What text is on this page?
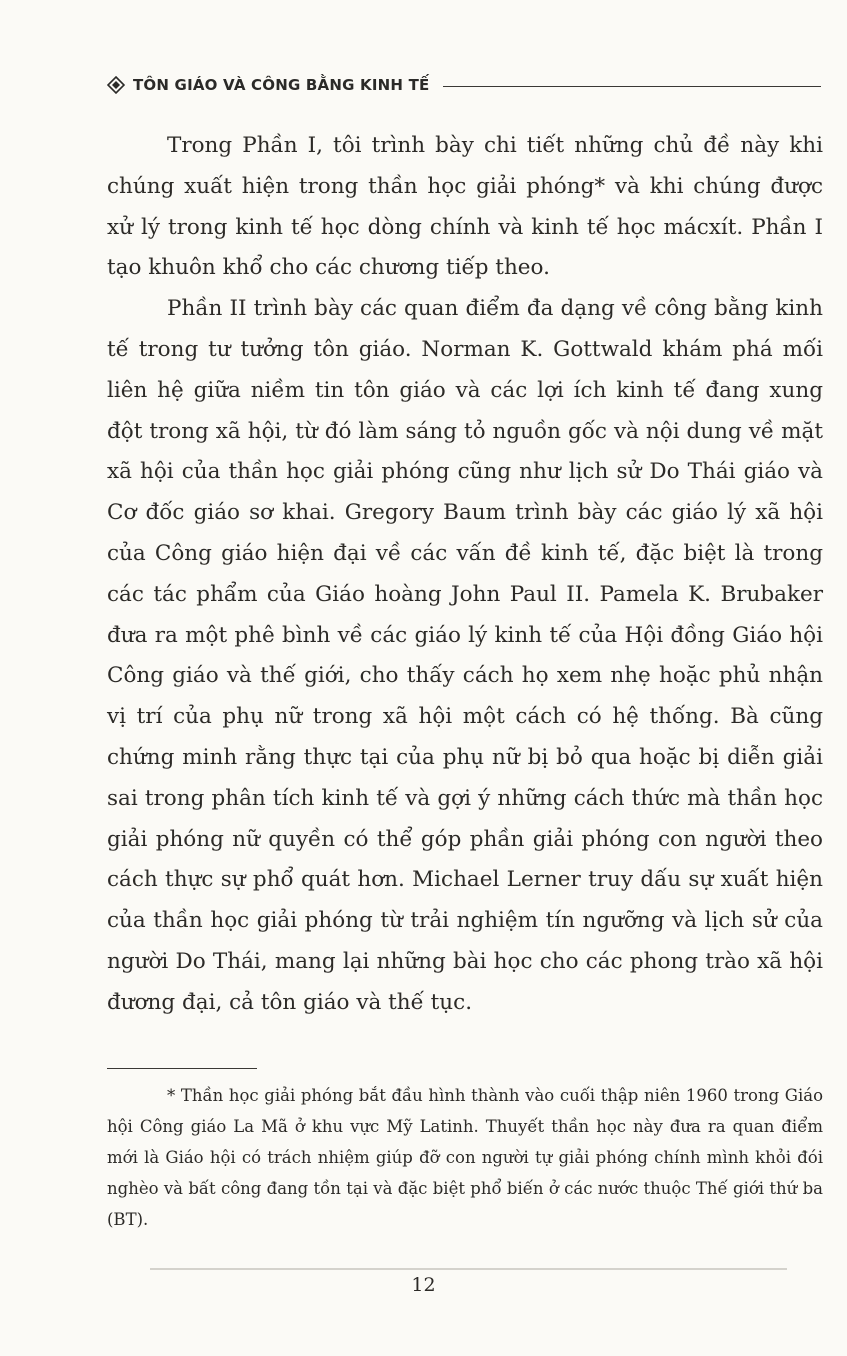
TÔN GIÁO VÀ CÔNG BẰNG KINH TẾ

Trong Phần I, tôi trình bày chi tiết những chủ đề này khi chúng xuất hiện trong thần học giải phóng* và khi chúng được xử lý trong kinh tế học dòng chính và kinh tế học mácxít. Phần I tạo khuôn khổ cho các chương tiếp theo.

Phần II trình bày các quan điểm đa dạng về công bằng kinh tế trong tư tưởng tôn giáo. Norman K. Gottwald khám phá mối liên hệ giữa niềm tin tôn giáo và các lợi ích kinh tế đang xung đột trong xã hội, từ đó làm sáng tỏ nguồn gốc và nội dung về mặt xã hội của thần học giải phóng cũng như lịch sử Do Thái giáo và Cơ đốc giáo sơ khai. Gregory Baum trình bày các giáo lý xã hội của Công giáo hiện đại về các vấn đề kinh tế, đặc biệt là trong các tác phẩm của Giáo hoàng John Paul II. Pamela K. Brubaker đưa ra một phê bình về các giáo lý kinh tế của Hội đồng Giáo hội Công giáo và thế giới, cho thấy cách họ xem nhẹ hoặc phủ nhận vị trí của phụ nữ trong xã hội một cách có hệ thống. Bà cũng chứng minh rằng thực tại của phụ nữ bị bỏ qua hoặc bị diễn giải sai trong phân tích kinh tế và gợi ý những cách thức mà thần học giải phóng nữ quyền có thể góp phần giải phóng con người theo cách thực sự phổ quát hơn. Michael Lerner truy dấu sự xuất hiện của thần học giải phóng từ trải nghiệm tín ngưỡng và lịch sử của người Do Thái, mang lại những bài học cho các phong trào xã hội đương đại, cả tôn giáo và thế tục.

* Thần học giải phóng bắt đầu hình thành vào cuối thập niên 1960 trong Giáo hội Công giáo La Mã ở khu vực Mỹ Latinh. Thuyết thần học này đưa ra quan điểm mới là Giáo hội có trách nhiệm giúp đỡ con người tự giải phóng chính mình khỏi đói nghèo và bất công đang tồn tại và đặc biệt phổ biến ở các nước thuộc Thế giới thứ ba (BT).

12
